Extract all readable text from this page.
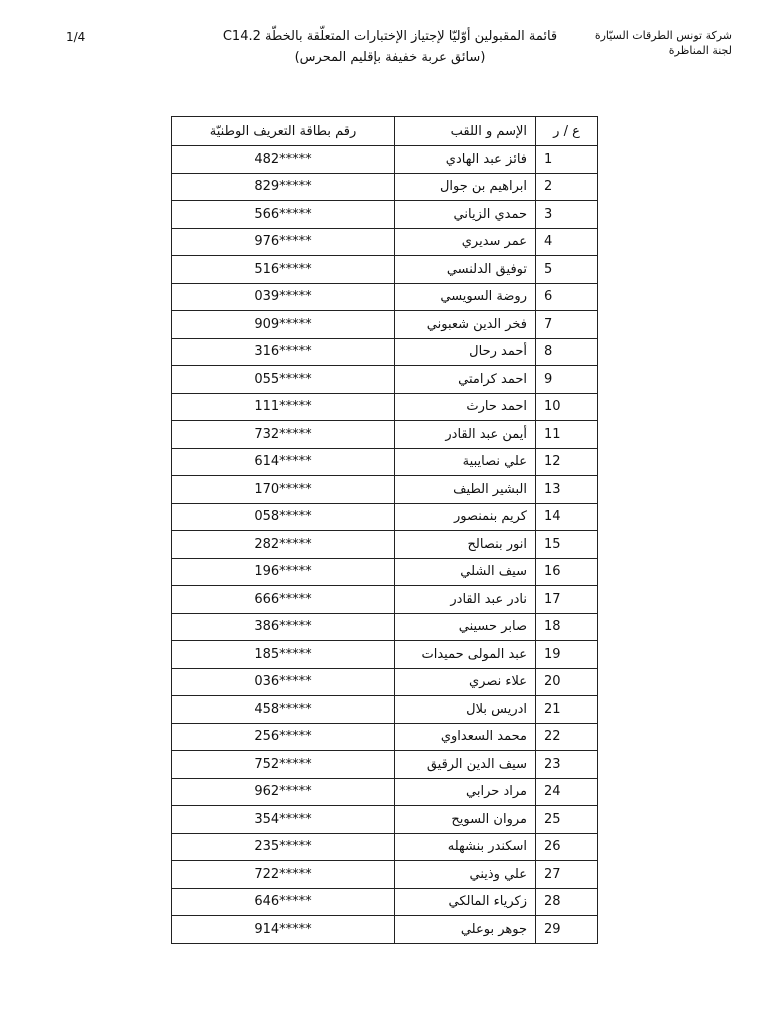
شركة تونس الطرقات السيّارة
لجنة المناظرة
قائمة المقبولين أوّليّا لإجتياز الإختبارات المتعلّقة بالخطّة C14.2
(سائق عربة خفيفة بإقليم المحرس)
1/4
ع / ر	الإسم و اللقب	رقم بطاقة التعريف الوطنيّة
1	فائز عبد الهادي	*****482
2	ابراهيم بن جوال	*****829
3	حمدي الزياني	*****566
4	عمر سديري	*****976
5	توفيق الدلنسي	*****516
6	روضة السويسي	*****039
7	فخر الدين شعبوني	*****909
8	أحمد رحال	*****316
9	احمد كرامتي	*****055
10	احمد حارث	*****111
11	أيمن عبد القادر	*****732
12	علي نصايبية	*****614
13	البشير الطيف	*****170
14	كريم بنمنصور	*****058
15	انور بنصالح	*****282
16	سيف الشلي	*****196
17	نادر عبد القادر	*****666
18	صابر حسيني	*****386
19	عبد المولى حميدات	*****185
20	علاء نصري	*****036
21	ادريس بلال	*****458
22	محمد السعداوي	*****256
23	سيف الدين الرقيق	*****752
24	مراد حرابي	*****962
25	مروان السويح	*****354
26	اسكندر بنشهله	*****235
27	علي وذيني	*****722
28	زكرياء المالكي	*****646
29	جوهر بوعلي	*****914
